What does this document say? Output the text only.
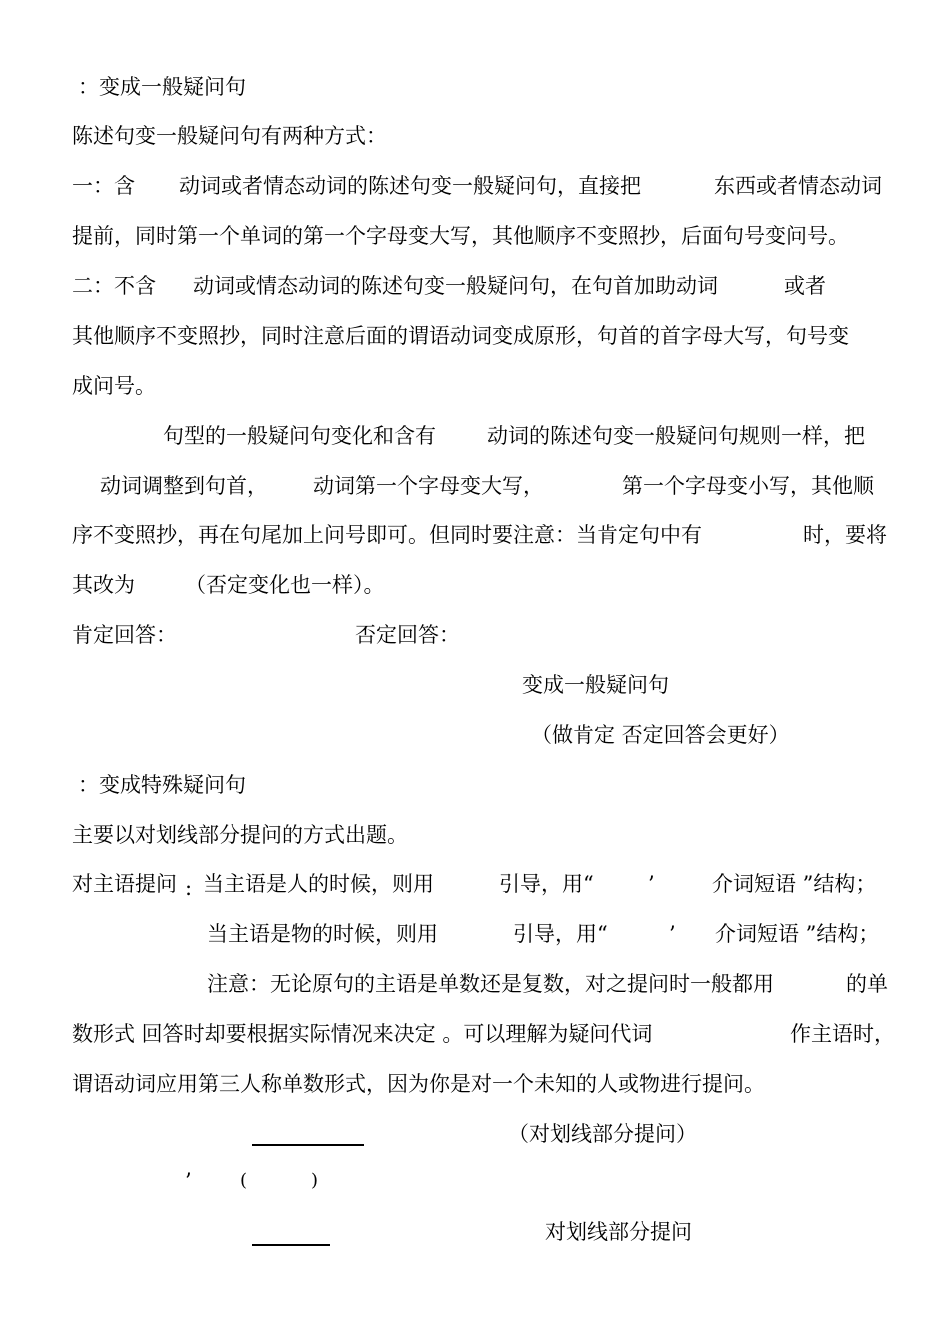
：变成一般疑问句
陈述句变一般疑问句有两种方式：
一：含 动词或者情态动词的陈述句变一般疑问句，直接把	东西或者情态动词
提前，同时第一个单词的第一个字母变大写，其他顺序不变照抄，后面句号变问号。
二：不含 动词或情态动词的陈述句变一般疑问句，在句首加助动词	或者
其他顺序不变照抄，同时注意后面的谓语动词变成原形，句首的首字母大写，句号变
成问号。
句型的一般疑问句变化和含有 动词的陈述句变一般疑问句规则一样，把
动词调整到句首， 动词第一个字母变大写，	第一个字母变小写，其他顺
序不变照抄，再在句尾加上问号即可。但同时要注意：当肯定句中有	时，要将
其改为 （否定变化也一样）。
肯定回答：	否定回答：
变成一般疑问句
（做肯定 否定回答会更好）
：变成特殊疑问句
主要以对划线部分提问的方式出题。
对主语提问 : 当主语是人的时候，则用	引导，用“	’	介词短语 ”结构；
当主语是物的时候，则用	引导，用“	’ 介词短语 ”结构；
注意：无论原句的主语是单数还是复数，对之提问时一般都用	的单
数形式 回答时却要根据实际情况来决定 。可以理解为疑问代词	作主语时，
谓语动词应用第三人称单数形式，因为你是对一个未知的人或物进行提问。
（对划线部分提问）
’	(	)
对划线部分提问
